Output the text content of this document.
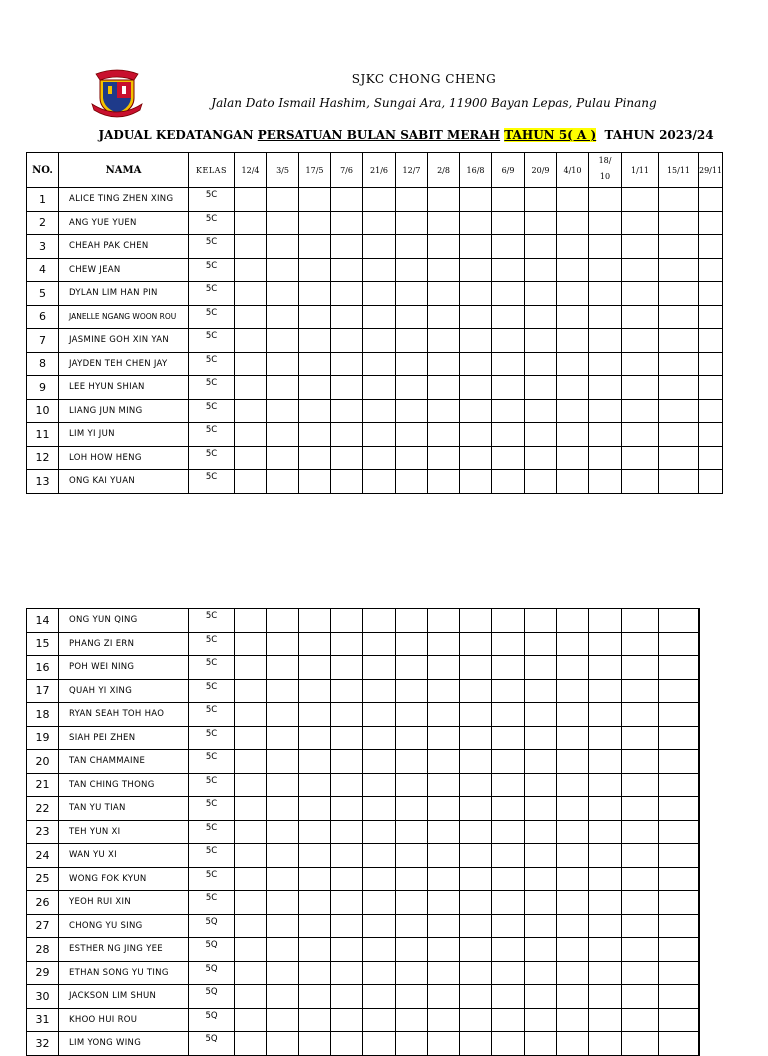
SJKC CHONG CHENG
Jalan Dato Ismail Hashim, Sungai Ara, 11900 Bayan Lepas, Pulau Pinang
JADUAL KEDATANGAN PERSATUAN BULAN SABIT MERAH TAHUN 5( A )  TAHUN 2023/24
NO.	NAMA	KELAS	12/4	3/5	17/5	7/6	21/6	12/7	2/8	16/8	6/9	20/9	4/10	18/
10	1/11	15/11	29/11
1	ALICE TING ZHEN XING	5C															
2	ANG YUE YUEN	5C															
3	CHEAH PAK CHEN	5C															
4	CHEW JEAN	5C															
5	DYLAN LIM HAN PIN	5C															
6	JANELLE NGANG WOON ROU	5C															
7	JASMINE GOH XIN YAN	5C															
8	JAYDEN TEH CHEN JAY	5C															
9	LEE HYUN SHIAN	5C															
10	LIANG JUN MING	5C															
11	LIM YI JUN	5C															
12	LOH HOW HENG	5C															
13	ONG KAI YUAN	5C															
14	ONG YUN QING	5C															
15	PHANG ZI ERN	5C															
16	POH WEI NING	5C															
17	QUAH YI XING	5C															
18	RYAN SEAH TOH HAO	5C															
19	SIAH PEI ZHEN	5C															
20	TAN CHAMMAINE	5C															
21	TAN CHING THONG	5C															
22	TAN YU TIAN	5C															
23	TEH YUN XI	5C															
24	WAN YU XI	5C															
25	WONG FOK KYUN	5C															
26	YEOH RUI XIN	5C															
27	CHONG YU SING	5Q															
28	ESTHER NG JING YEE	5Q															
29	ETHAN SONG YU TING	5Q															
30	JACKSON LIM SHUN	5Q															
31	KHOO HUI ROU	5Q															
32	LIM YONG WING	5Q															
